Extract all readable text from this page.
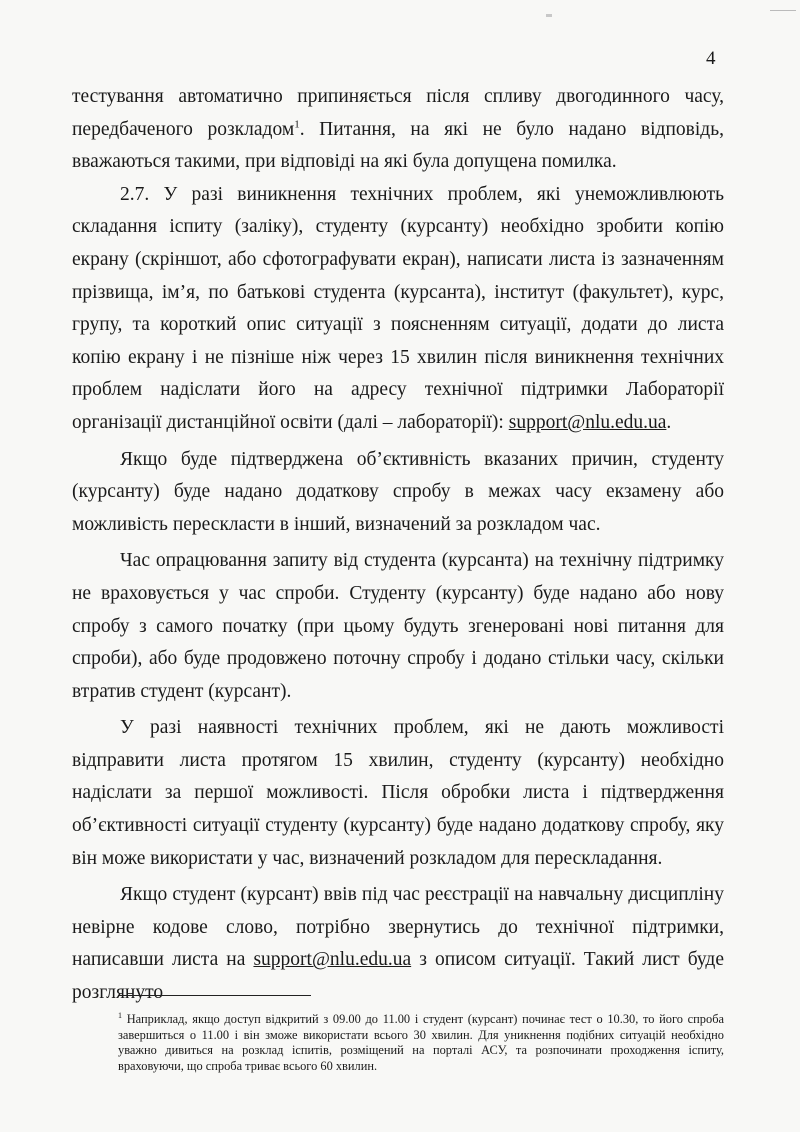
4

тестування автоматично припиняється після спливу двогодинного часу, передбаченого розкладом$^1$. Питання, на які не було надано відповідь, вважаються такими, при відповіді на які була допущена помилка.

2.7. У разі виникнення технічних проблем, які унеможливлюють складання іспиту (заліку), студенту (курсанту) необхідно зробити копію екрану (скріншот, або сфотографувати екран), написати листа із зазначенням прізвища, ім’я, по батькові студента (курсанта), інститут (факультет), курс, групу, та короткий опис ситуації з поясненням ситуації, додати до листа копію екрану і не пізніше ніж через 15 хвилин після виникнення технічних проблем надіслати його на адресу технічної підтримки Лабораторії організації дистанційної освіти (далі – лабораторії): support@nlu.edu.ua.

Якщо буде підтверджена об’єктивність вказаних причин, студенту (курсанту) буде надано додаткову спробу в межах часу екзамену або можливість перескласти в інший, визначений за розкладом час.

Час опрацювання запиту від студента (курсанта) на технічну підтримку не враховується у час спроби. Студенту (курсанту) буде надано або нову спробу з самого початку (при цьому будуть згенеровані нові питання для спроби), або буде продовжено поточну спробу і додано стільки часу, скільки втратив студент (курсант).

У разі наявності технічних проблем, які не дають можливості відправити листа протягом 15 хвилин, студенту (курсанту) необхідно надіслати за першої можливості. Після обробки листа і підтвердження об’єктивності ситуації студенту (курсанту) буде надано додаткову спробу, яку він може використати у час, визначений розкладом для перескладання.

Якщо студент (курсант) ввів під час реєстрації на навчальну дисципліну невірне кодове слово, потрібно звернутись до технічної підтримки, написавши листа на support@nlu.edu.ua з описом ситуації. Такий лист буде розглянуто

$^1$ Наприклад, якщо доступ відкритий з 09.00 до 11.00 і студент (курсант) починає тест о 10.30, то його спроба завершиться о 11.00 і він зможе використати всього 30 хвилин. Для уникнення подібних ситуацій необхідно уважно дивиться на розклад іспитів, розміщений на порталі АСУ, та розпочинати проходження іспиту, враховуючи, що спроба триває всього 60 хвилин.
